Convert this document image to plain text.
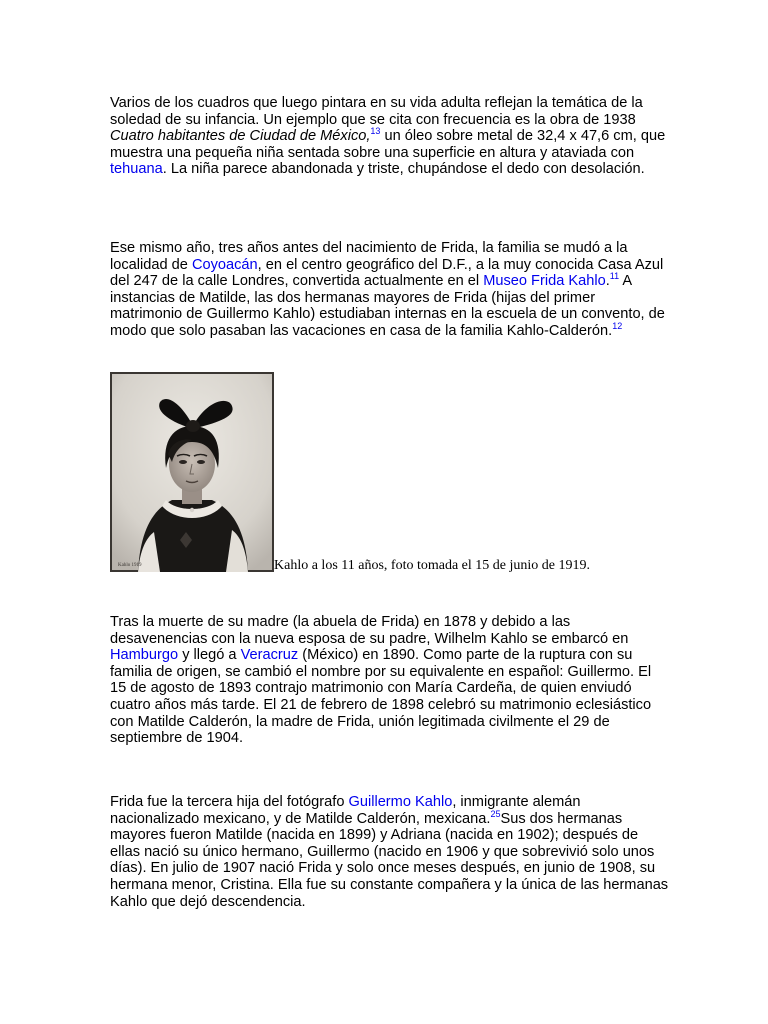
Varios de los cuadros que luego pintara en su vida adulta reflejan la temática de la soledad de su infancia. Un ejemplo que se cita con frecuencia es la obra de 1938 Cuatro habitantes de Ciudad de México,$^{13}$ un óleo sobre metal de 32,4 x 47,6 cm, que muestra una pequeña niña sentada sobre una superficie en altura y ataviada con tehuana. La niña parece abandonada y triste, chupándose el dedo con desolación.

Ese mismo año, tres años antes del nacimiento de Frida, la familia se mudó a la localidad de Coyoacán, en el centro geográfico del D.F., a la muy conocida Casa Azul del 247 de la calle Londres, convertida actualmente en el Museo Frida Kahlo.$^{11}$ A instancias de Matilde, las dos hermanas mayores de Frida (hijas del primer matrimonio de Guillermo Kahlo) estudiaban internas en la escuela de un convento, de modo que solo pasaban las vacaciones en casa de la familia Kahlo-Calderón.$^{12}$

Kahlo 1919	Kahlo a los 11 años, foto tomada el 15 de junio de 1919.

Tras la muerte de su madre (la abuela de Frida) en 1878 y debido a las desavenencias con la nueva esposa de su padre, Wilhelm Kahlo se embarcó en Hamburgo y llegó a Veracruz (México) en 1890. Como parte de la ruptura con su familia de origen, se cambió el nombre por su equivalente en español: Guillermo. El 15 de agosto de 1893 contrajo matrimonio con María Cardeña, de quien enviudó cuatro años más tarde. El 21 de febrero de 1898 celebró su matrimonio eclesiástico con Matilde Calderón, la madre de Frida, unión legitimada civilmente el 29 de septiembre de 1904.

Frida fue la tercera hija del fotógrafo Guillermo Kahlo, inmigrante alemán nacionalizado mexicano, y de Matilde Calderón, mexicana.$^{25}$Sus dos hermanas mayores fueron Matilde (nacida en 1899) y Adriana (nacida en 1902); después de ellas nació su único hermano, Guillermo (nacido en 1906 y que sobrevivió solo unos días). En julio de 1907 nació Frida y solo once meses después, en junio de 1908, su hermana menor, Cristina. Ella fue su constante compañera y la única de las hermanas Kahlo que dejó descendencia.
